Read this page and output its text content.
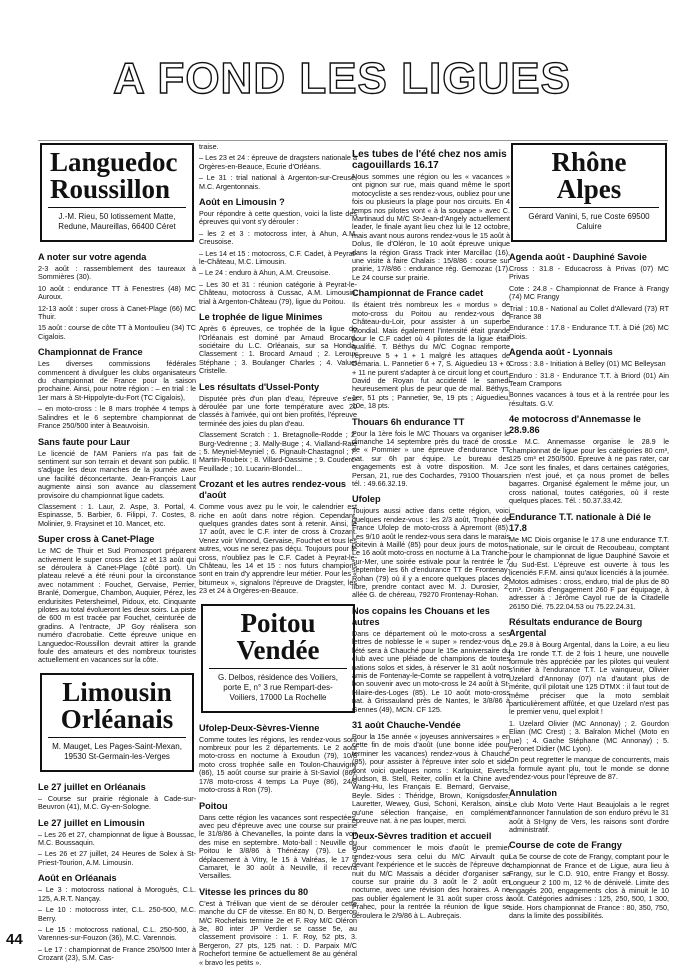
A FOND LES LIGUES
Languedoc
Roussillon
J.-M. Rieu, 50 lotissement Matte, Redune, Maureillas, 66400 Céret
A noter sur votre agenda

2-3 août : rassemblement des taureaux à Sommières (30).

10 août : endurance TT à Fenestres (48) MC Auroux.

12-13 août : super cross à Canet-Plage (66) MC Thuir.

15 août : course de côte TT à Montoulieu (34) TC Cigalois.

Championnat de France

Les diverses commissions fédérales commencent à divulguer les clubs organisateurs du championnat de France pour la saison prochaine. Ainsi, pour notre région : – en trial : le 1er mars à St-Hippolyte-du-Fort (TC Cigalois),

– en moto-cross : le 8 mars trophée 4 temps à Salindres et le 6 septembre championnat de France 250/500 inter à Beauvoisin.

Sans faute pour Laur

Le licencié de l'AM Paniers n'a pas fait de sentiment sur son terrain et devant son public. Il s'adjuge les deux manches de la journée avec une facilité déconcertante. Jean-François Laur augmente ainsi son avance au classement provisoire du championnat ligue cadets.

Classement : 1. Laur, 2. Aspe, 3. Portal, 4. Espinasse, 5. Barbier, 6. Filippi, 7. Costes, 8. Molinier, 9. Fraysinet et 10. Mancet, etc.

Super cross à Canet-Plage

Le MC de Thuir et Sud Promosport préparent activement le super cross des 12 et 13 août qui se déroulera à Canet-Plage (côté port). Un plateau relevé a été réuni pour la circonstance avec notamment : Fouchet, Gervaise, Perrier, Branlé, Domergue, Chambon, Auquier, Pérez, les endurisites Petersheimel, Pidoux, etc. Cinquante pilotes au total évolueront les deux soirs. La piste de 600 m est tracée par Fouchet, ceinturée de gradins. A l'entracte, JP Goy réalisera son numéro d'acrobatie. Cette épreuve unique en Languedoc-Roussillon devrait attirer la grande foule des amateurs et des nombreux touristes actuellement en vacances sur la côte.

Limousin
Orléanais
M. Mauget, Les Pages-Saint-Mexan, 19530 St-Germain-les-Verges
Le 27 juillet en Orléanais

– Course sur prairie régionale à Cade-sur-Beuvron (41), M.C. Gy-en-Sologne.

Le 27 juillet en Limousin

– Les 26 et 27, championnat de ligue à Boussac, M.C. Boussaquin.

– Les 26 et 27 juillet, 24 Heures de Solex à St-Priest-Tourion, A.M. Limousin.

Août en Orléanais

– Le 3 : motocross national à Moroguès, C.L. 125, A.R.T. Nançay.

– Le 10 : motocross inter, C.L. 250-500, M.C. Berry.

– Le 15 : motocross national, C.L. 250-500, à Varennes-sur-Fouzon (36), M.C. Varennois.

– Le 17 : championnat de France 250/500 Inter à Crozant (23), S.M. Cas-

traise.

– Les 23 et 24 : épreuve de dragsters nationale à Orgères-en-Beauce, Ecurie d'Orléans.

– Le 31 : trial national à Argenton-sur-Creuse, M.C. Argentonnais.

Août en Limousin ?

Pour répondre à cette question, voici la liste des épreuves qui vont s'y dérouler :

– les 2 et 3 : motocross inter, à Ahun, A.M. Creusoise.

– Les 14 et 15 : motocross, C.F. Cadet, à Peyrat-le-Château, M.C. Limousin.

– Le 24 : enduro à Ahun, A.M. Creusoise.

– Les 30 et 31 : réunion catégorie à Peyrat-le-Château, motocross à Cussac, A.M. Limousin, trial à Argenton-Château (79), ligue du Poitou.

Le trophée de ligue Minimes

Après 6 épreuves, ce trophée de la ligue de l'Orléanais est dominé par Arnaud Brocard, sociétaire du L.C. Orléanais, sur sa Honda. Classement : 1. Brocard Arnaud ; 2. Leroux Stéphane ; 3. Boulanger Charles ; 4. Valuet Cristelle.

Les résultats d'Ussel-Ponty

Disputée près d'un plan d'eau, l'épreuve s'est déroulée par une forte température avec 20 classés à l'arrivée, qui ont bien profités, l'épreuve terminée des joies du plan d'eau.

Classement Scratch : 1. Bretagnolle-Rodde ; 2. Burg-Vedrenne ; 3. Mally-Buge ; 4. Vialland-Raie ; 5. Meyniel-Meyniel ; 6. Pignault-Chastagnol ; 7. Martin-Roubeix ; 8. Villard-Dassime ; 9. Couderc-Feuillade ; 10. Lucarin-Blondel...

Crozant et les autres rendez-vous d'août

Comme vous avez pu le voir, le calendrier est riche en août dans notre région. Cependant, quelques grandes dates sont à retenir. Ainsi, le 17 août, avec le C.F. inter de cross à Crozant. Venez voir Vimond, Gervaise, Fouchet et tous les autres, vous ne serez pas déçu. Toujours pour le cross, n'oubliez pas le C.F. Cadet à Peyrat-le-Château, les 14 et 15 : nos futurs champions sont en train d'y apprendre leur métier. Pour les « bitumeux », signalons l'épreuve de Dragster, les 23 et 24 à Orgères-en-Beauce.

Poitou
Vendée
G. Delbos, résidence des Voiliers, porte E, n° 3 rue Rempart-des-Voiliers, 17000 La Rochelle
Ufolep-Deux-Sèvres-Vienne

Comme toutes les régions, les rendez-vous sont nombreux pour les 2 départements. Le 2 août moto-cross en nocturne à Exoudun (79), 10/8 moto cross trophée salle en Toulon-Chauvigny (86), 15 août course sur prairie à St-Saviol (86), 17/8 moto-cross 4 temps La Puye (86), 24/8 moto-cross à Ron (79).

Poitou

Dans cette région les vacances sont respectées, avec peu d'épreuve avec une course sur prairie le 31/8/86 à Chevanelles, la pointe dans la voir des mise en septembre. Moto-ball : Neuville du Poitou le 3/8/86 à Thénézay (79). Le 9 déplacement à Vitry, le 15 à Valréas, le 17 à Camaret, le 30 août à Neuville, il recevra Versailles.

Vitesse les princes du 80

C'est à Trélivan que vient de se dérouler cette manche du CF de vitesse. En 80 N, D. Bergeron M/C Rochefais termine 2e et F. Roy M/C Oléron 3e, 80 inter JP Verdier se casse 5e, au classement provisoire : 1. F. Roy, 52 pts, 3. Bergeron, 27 pts, 125 nat. : D. Parpaix M/C Rochefort termine 6e actuellement 8e au général « bravo les petits ».

Les tubes de l'été chez nos amis cagouillards 16.17

Nous sommes une région ou les « vacances » ont pignon sur rue, mais quand même le sport motocycliste a ses rendez-vous, oubliez pour une fois ou plusieurs la plage pour nos circuits. En 4 temps nos pilotes vont « à la soupape » avec C. Martinaud du M/C St-Jean-d'Angely actuellement leader, le finale ayant lieu chez lui le 12 octobre, mais avant nous aurons rendez-vous le 15 août à Dolus, Ile d'Oléron, le 10 août épreuve unique dans la région Grass Track inter Marcillac (16), une visite à faire Chalais : 15/8/86 : course sur prairie, 17/8/86 : endurance rég. Gemozac (17). Le 24 course sur prairie.

Championnat de France cadet

Ils étaient très nombreux les « mordus » de moto-cross du Poitou au rendez-vous de Château-du-Loir, pour assister à un superbe Mondial. Mais également l'intensité était grande pour le C.F cadet où 4 pilotes de la ligue était qualifié. T. Béthys du M/C Cognac remporte l'épreuve 5 + 1 + 1 malgré les attaques de Démaria. L. Pannetier 6 + 7, S. Aiguedieu 13 + 6 + 11 ne purent s'adapter à ce circuit long et court. David de Royan fut accidenté le samedi heureusement plus de peur que de mal. Béthys, 1er, 51 pts ; Pannetier, 9e, 19 pts ; Aiguedieu, 10e, 18 pts.

Thouars 6h endurance TT

Pour la 1ère fois le M/C Thouars va organiser le dimanche 14 septembre près du tracé de cross de « Pommier » une épreuve d'endurance TT nat. sur 6h par équipe. Le bureau des engagements est à votre disposition. M. J. Persan, 21, rue des Cochardes, 79100 Thouars, tél. : 49.66.32.19.

Ufolep

Toujours aussi active dans cette région, voici quelques rendez-vous : les 2/3 août, Trophée de France Ufolep de moto-cross à Apremont (85). Les 9/10 août le rendez-vous sera dans le marais poitevin à Maillé (85) pour deux jours de motos. Le 16 août moto-cross en nocturne à La Tranche-sur-Mer, une soirée estivale pour la rentrée le 7 septembre les 6h d'endurance TT de Frontenay-Rohan (79) où il y a encore quelques places de libre, prendre contact avec M. J. Durosier, 2, allée G. de chéreau, 79270 Frontenay-Rohan.

Nos copains les Chouans et les autres

Dans ce département où le moto-cross a ses lettres de noblesse le « super » rendez-vous de l'été sera à Chauché pour le 15e anniversaire du club avec une pléiade de champions de toutes nations solos et sides, à réserver le 31 août nos amis de Fontenay-le-Comte se rappellent à votre bon souvenir avec un moto-cross le 24 août à St-Hilaire-des-Loges (85). Le 10 août moto-cross nat. à Grissauland près de Nantes, le 3/8/86 à Gennes (49), MCN. CF 125.

31 août Chauche-Vendée

Pour la 15e année « joyeuses anniversaires » en cette fin de mois d'août (une bonne idée pour terminer les vacances) rendez-vous à Chauché (85), pour assister à l'épreuve inter solo et side dont voici quelques noms : Karlquist, Everts, Hudson, B. Stell, Reiter, collin et la Chine avec Wang-Hu, les Français E. Bernard, Gervaise, Beyle. Sides : Théridge, Brown, Konigsdosfer, Lauretter, Wewey, Gusi, Schoni, Keralson, ainsi qu'une sélection française, en complément épreuve nat. à ne pas louper, merci.

Deux-Sèvres tradition et accueil

Pour commencer le mois d'août le premier rendez-vous sera celui du M/C Airvault qui devant l'expérience et le succès de l'épreuve de nuit du M/C Massais a décider d'organiser sa course sur prairie du 3 août le 2 août en nocturne, avec une révision des horaires. A ne pas oublier également le 31 août super cross à Prahec, pour la rentrée la réunion de ligue se déroulera le 2/9/86 à L. Aubreçais.

Rhône
Alpes
Gérard Vanini, 5, rue Coste 69500 Caluire
Agenda août - Dauphiné Savoie

Cross : 31.8 - Educacross à Privas (07) MC Privas

Cote : 24.8 - Championnat de France à Frangy (74) MC Frangy

Trial : 10.8 - National au Collet d'Allevard (73) RT France 38

Endurance : 17.8 - Endurance T.T. à Dié (26) MC Diois.

Agenda août - Lyonnais

Cross : 3.8 - Initiation à Belley (01) MC Belleysan

Enduro : 31.8 - Endurance T.T. à Briord (01) Ain Team Crampons

Bonnes vacances à tous et à la rentrée pour les résultats. G.V.

4e motocross d'Annemasse le 28.9.86

Le M.C. Annemasse organise le 28.9 le championnat de ligue pour les catégories 80 cm³, 125 cm³ et 250/500. Epreuve à ne pas rater, car ce sont les finales, et dans certaines catégories, rien n'est joué, et ça nous promet de belles bagarres. Organisé également le même jour, un cross national, toutes catégories, où il reste quelques places. Tél. : 50.37.33.42.

Endurance T.T. nationale à Dié le 17.8

Me MC Diois organise le 17.8 une endurance T.T. nationale, sur le circuit de Recoubeau, comptant pour le championnat de ligue Dauphiné Savoie et du Sud-Est. L'épreuve est ouverte à tous les licenciés F.F.M. ainsi qu'aux licenciés à la journée. Motos admises : cross, enduro, trial de plus de 80 cm³. Droits d'engagement 260 F par équipage, à adresser à : Jérôme Cayol rue de la Citadelle 26150 Dié. 75.22.04.53 ou 75.22.24.31.

Résultats endurance de Bourg Argental

Le 29.8 à Bourg Argental, dans la Loire, a eu lieu la 1re ronde T.T. de 2 fois 1 heure, une nouvelle formule très appréciée par les pilotes qui veulent s'initier à l'endurance T.T. Le vainqueur, Olivier Uzelard d'Annonay (07) n'a d'autant plus de mérite, qu'il pilotait une 125 DTMX : il faut tout de même préciser que la moto semblait particulièrement affûtée, et que Uzelard n'est pas le premier venu, quel exploit !

1. Uzelard Olivier (MC Annonay) ; 2. Gourdon Elian (MC Crest) ; 3. Balralon Michel (Moto en rue) ; 4. Gache Stéphane (MC Annonay) ; 5. Peronet Didier (MC Lyon).

On peut regretter le manque de concurrents, mais la formule ayant plu, tout le monde se donne rendez-vous pour l'épreuve de 87.

Annulation

Le club Moto Verte Haut Beaujolais a le regret d'annoncer l'annulation de son enduro prévu le 31 août à St-Igny de Vers, les raisons sont d'ordre administratif.

Course de cote de Frangy

La 5e course de cote de Frangy, comptant pour le championnat de France et de Ligue, aura lieu à Frangy, sur le C.D. 910, entre Frangy et Bossy. Longueur 2 100 m, 12 % de dénivelé. Limite des engagés 200, engagements clos à minuit le 10 août. Catégories admises : 125, 250, 500, 1 300, side. Hors championnat de France : 80, 350, 750, dans la limite des possibilités.

44
